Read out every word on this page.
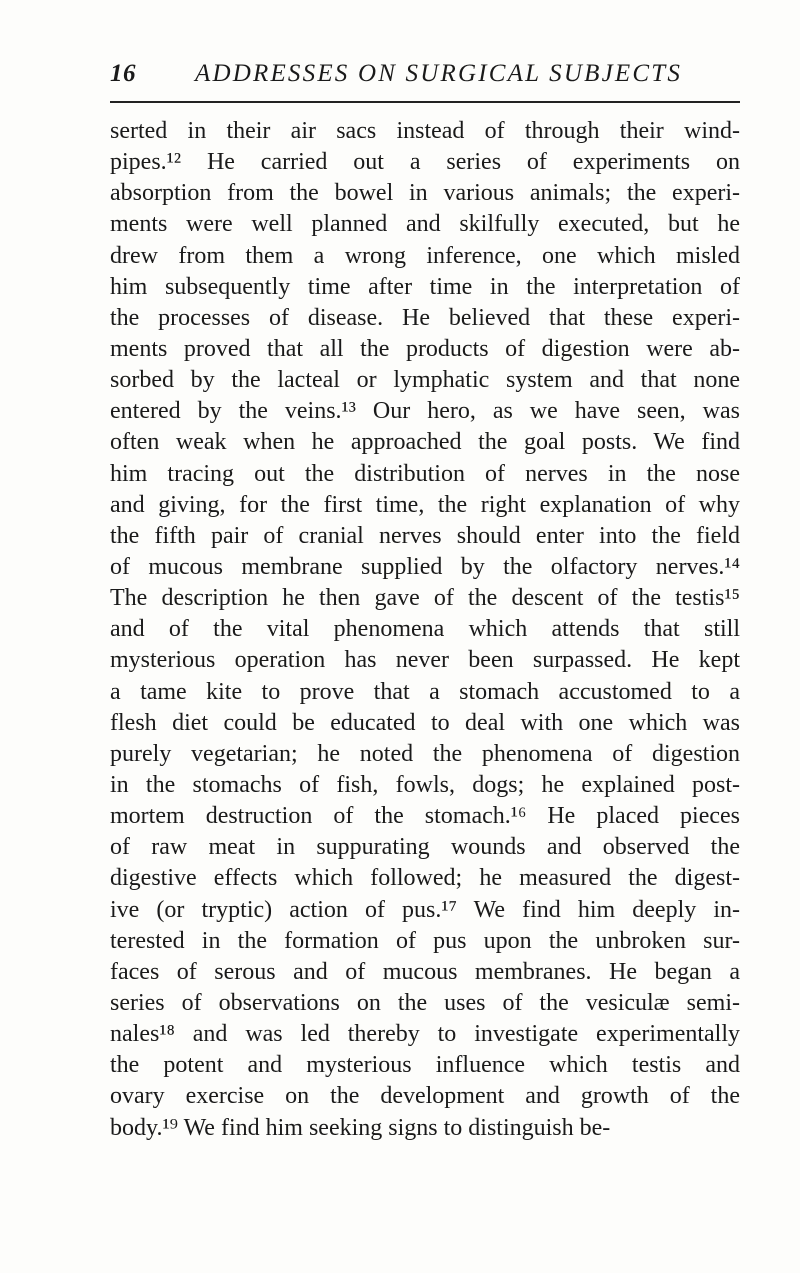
16 ADDRESSES ON SURGICAL SUBJECTS
serted in their air sacs instead of through their wind-
pipes.¹² He carried out a series of experiments on
absorption from the bowel in various animals; the experi-
ments were well planned and skilfully executed, but he
drew from them a wrong inference, one which misled
him subsequently time after time in the interpretation of
the processes of disease. He believed that these experi-
ments proved that all the products of digestion were ab-
sorbed by the lacteal or lymphatic system and that none
entered by the veins.¹³ Our hero, as we have seen, was
often weak when he approached the goal posts. We find
him tracing out the distribution of nerves in the nose
and giving, for the first time, the right explanation of why
the fifth pair of cranial nerves should enter into the field
of mucous membrane supplied by the olfactory nerves.¹⁴
The description he then gave of the descent of the testis¹⁵
and of the vital phenomena which attends that still
mysterious operation has never been surpassed. He kept
a tame kite to prove that a stomach accustomed to a
flesh diet could be educated to deal with one which was
purely vegetarian; he noted the phenomena of digestion
in the stomachs of fish, fowls, dogs; he explained post-
mortem destruction of the stomach.¹⁶ He placed pieces
of raw meat in suppurating wounds and observed the
digestive effects which followed; he measured the digest-
ive (or tryptic) action of pus.¹⁷ We find him deeply in-
terested in the formation of pus upon the unbroken sur-
faces of serous and of mucous membranes. He began a
series of observations on the uses of the vesiculæ semi-
nales¹⁸ and was led thereby to investigate experimentally
the potent and mysterious influence which testis and
ovary exercise on the development and growth of the
body.¹⁹ We find him seeking signs to distinguish be-
